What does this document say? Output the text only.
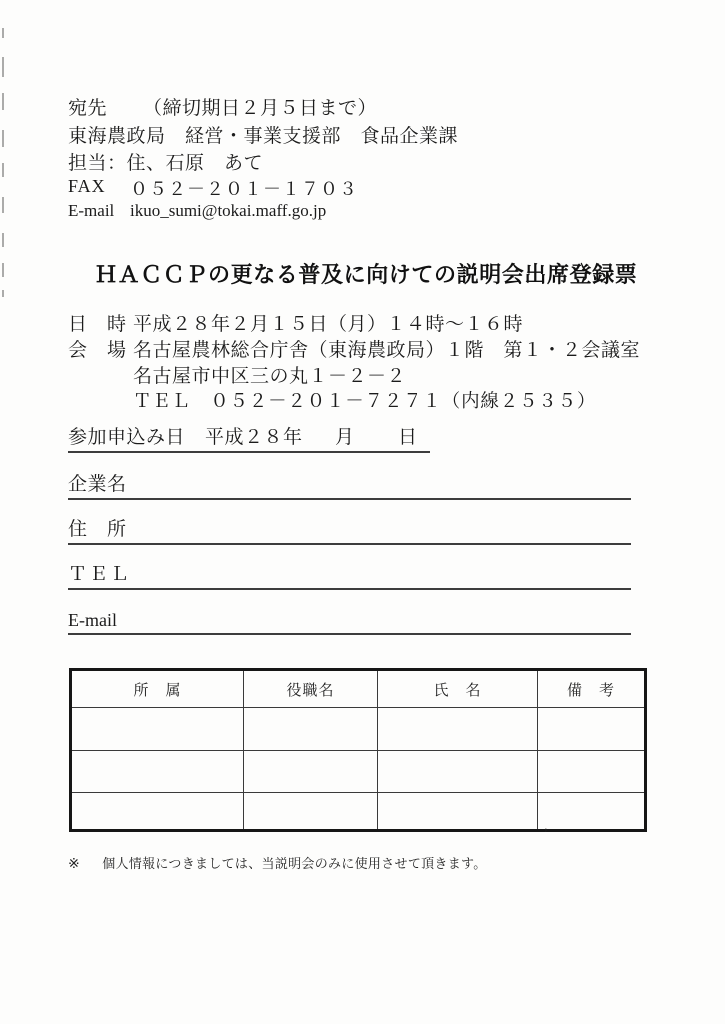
宛先 （締切期日２月５日まで）
東海農政局　経営・事業支援部　食品企業課
担当：住、石原　あて
FAX ０５２－２０１－１７０３
E-mail ikuo_sumi@tokai.maff.go.jp
ＨＡＣＣＰの更なる普及に向けての説明会出席登録票
日　時 平成２８年２月１５日（月）１４時～１６時
会　場 名古屋農林総合庁舎（東海農政局）１階　第１・２会議室
名古屋市中区三の丸１－２－２
ＴＥＬ　０５２－２０１－７２７１（内線２５３５）
参加申込み日 平成２８年 月 日
企業名
住　所
ＴＥＬ
E-mail
所　属	役職名	氏　名	備　考

,
※ 個人情報につきましては、当説明会のみに使用させて頂きます。
